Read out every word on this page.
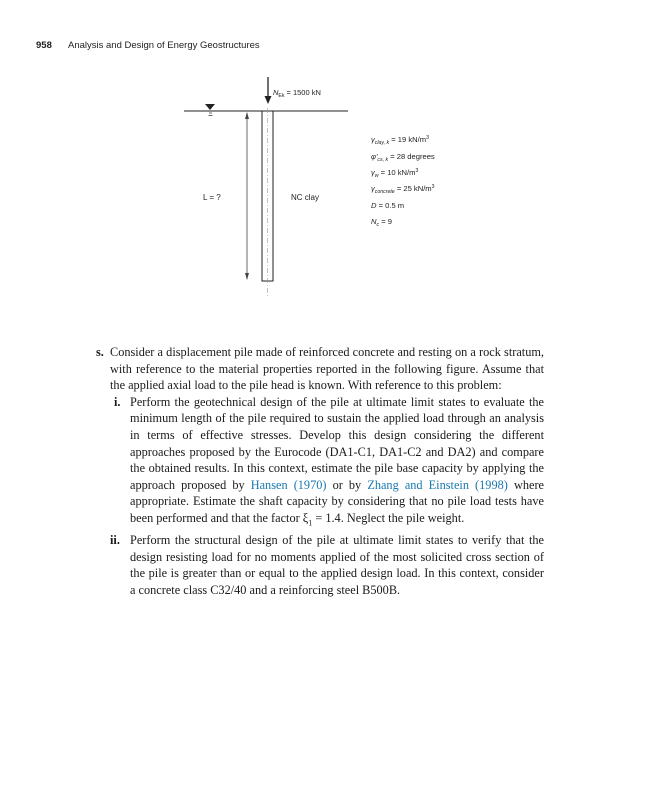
958 Analysis and Design of Energy Geostructures
$N_{Ek} = 1500$ kN
L = ?	NC clay
$\gamma_{clay, k} = 19$ $kN/m^3$
$\varphi'_{cs, k} = 28$ degrees
$\gamma_w = 10$ $kN/m^3$
$\gamma_{concrete} = 25$ $kN/m^3$
D = 0.5 m
$N_c = 9$
s. Consider a displacement pile made of reinforced concrete and resting on a rock stratum, with reference to the material properties reported in the following figure. Assume that the applied axial load to the pile head is known. With reference to this problem:
i. Perform the geotechnical design of the pile at ultimate limit states to evaluate the minimum length of the pile required to sustain the applied load through an analysis in terms of effective stresses. Develop this design considering the different approaches proposed by the Eurocode (DA1-C1, DA1-C2 and DA2) and compare the obtained results. In this context, estimate the pile base capacity by applying the approach proposed by Hansen (1970) or by Zhang and Einstein (1998) where appropriate. Estimate the shaft capacity by considering that no pile load tests have been performed and that the factor $\xi_1 = 1.4$. Neglect the pile weight.
ii. Perform the structural design of the pile at ultimate limit states to verify that the design resisting load for no moments applied of the most solicited cross section of the pile is greater than or equal to the applied design load. In this context, consider a concrete class C32/40 and a reinforcing steel B500B.
